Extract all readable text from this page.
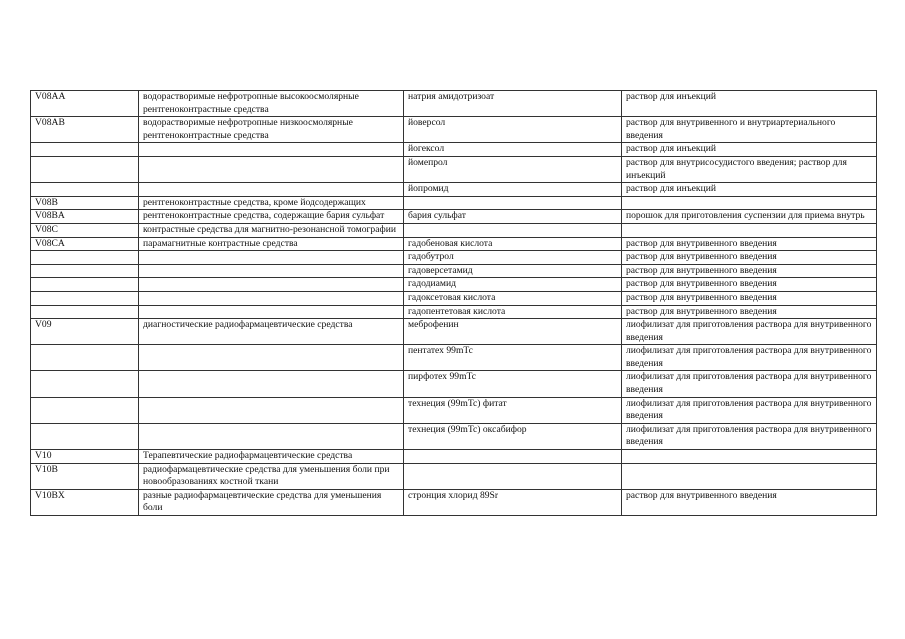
V08AA	водорастворимые нефротропные высокоосмолярные рентгеноконтрастные средства	натрия амидотризоат	раствор для инъекций
V08AB	водорастворимые нефротропные низкоосмолярные рентгеноконтрастные средства	йоверсол	раствор для внутривенного и внутриартериального введения
		йогексол	раствор для инъекций
		йомепрол	раствор для внутрисосудистого введения; раствор для инъекций
		йопромид	раствор для инъекций
V08B	рентгеноконтрастные средства, кроме йодсодержащих		
V08BA	рентгеноконтрастные средства, содержащие бария сульфат	бария сульфат	порошок для приготовления суспензии для приема внутрь
V08C	контрастные средства для магнитно-резонансной томографии		
V08CA	парамагнитные контрастные средства	гадобеновая кислота	раствор для внутривенного введения
		гадобутрол	раствор для внутривенного введения
		гадоверсетамид	раствор для внутривенного введения
		гадодиамид	раствор для внутривенного введения
		гадоксетовая кислота	раствор для внутривенного введения
		гадопентетовая кислота	раствор для внутривенного введения
V09	диагностические радиофармацевтические средства	меброфенин	лиофилизат для приготовления раствора для внутривенного введения
		пентатех 99mTc	лиофилизат для приготовления раствора для внутривенного введения
		пирфотех 99mTc	лиофилизат для приготовления раствора для внутривенного введения
		технеция (99mTc) фитат	лиофилизат для приготовления раствора для внутривенного введения
		технеция (99mTc) оксабифор	лиофилизат для приготовления раствора для внутривенного введения
V10	Терапевтические радиофармацевтические средства		
V10B	радиофармацевтические средства для уменьшения боли при новообразованиях костной ткани		
V10BX	разные радиофармацевтические средства для уменьшения боли	стронция хлорид 89Sr	раствор для внутривенного введения
